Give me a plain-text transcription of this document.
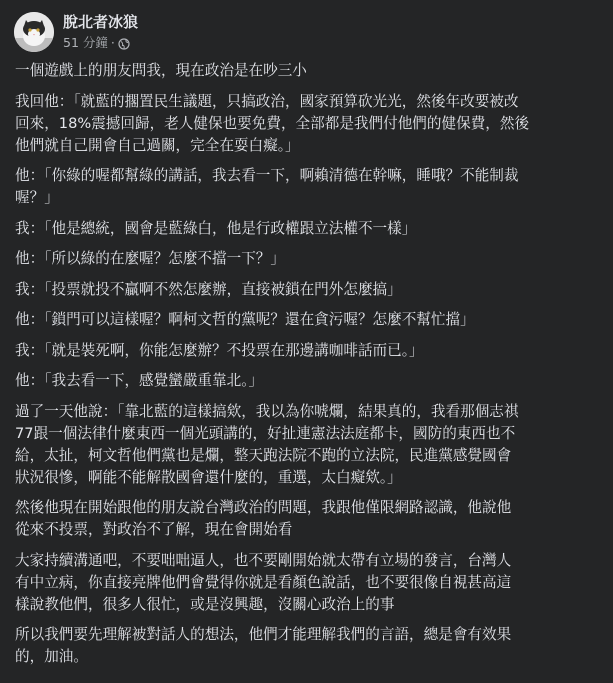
脫北者冰狼
51 分鐘 ·

一個遊戲上的朋友問我，現在政治是在吵三小

我回他：「就藍的擱置民生議題，只搞政治，國家預算砍光光，然後年改要被改
回來，18%震撼回歸，老人健保也要免費，全部都是我們付他們的健保費，然後
他們就自己開會自己過關，完全在耍白癡。」

他：「你綠的喔都幫綠的講話，我去看一下，啊賴清德在幹嘛，睡哦？不能制裁
喔？」

我：「他是總統，國會是藍綠白，他是行政權跟立法權不一樣」

他：「所以綠的在麼喔？怎麼不擋一下？」

我：「投票就投不贏啊不然怎麼辦，直接被鎖在門外怎麼搞」

他：「鎖門可以這樣喔？啊柯文哲的黨呢？還在貪污喔？怎麼不幫忙擋」

我：「就是裝死啊，你能怎麼辦？不投票在那邊講咖啡話而已。」

他：「我去看一下，感覺蠻嚴重靠北。」

過了一天他說：「靠北藍的這樣搞欸，我以為你唬爛，結果真的，我看那個志祺
77跟一個法律什麼東西一個光頭講的，好扯連憲法法庭都卡，國防的東西也不
給，太扯，柯文哲他們黨也是爛，整天跑法院不跑的立法院，民進黨感覺國會
狀況很慘，啊能不能解散國會還什麼的，重選，太白癡欸。」

然後他現在開始跟他的朋友說台灣政治的問題，我跟他僅限網路認識，他說他
從來不投票，對政治不了解，現在會開始看

大家持續溝通吧，不要咄咄逼人，也不要剛開始就太帶有立場的發言，台灣人
有中立病，你直接亮牌他們會覺得你就是看顏色說話，也不要很像自視甚高這
樣說教他們，很多人很忙，或是沒興趣，沒關心政治上的事

所以我們要先理解被對話人的想法，他們才能理解我們的言語，總是會有效果
的，加油。
